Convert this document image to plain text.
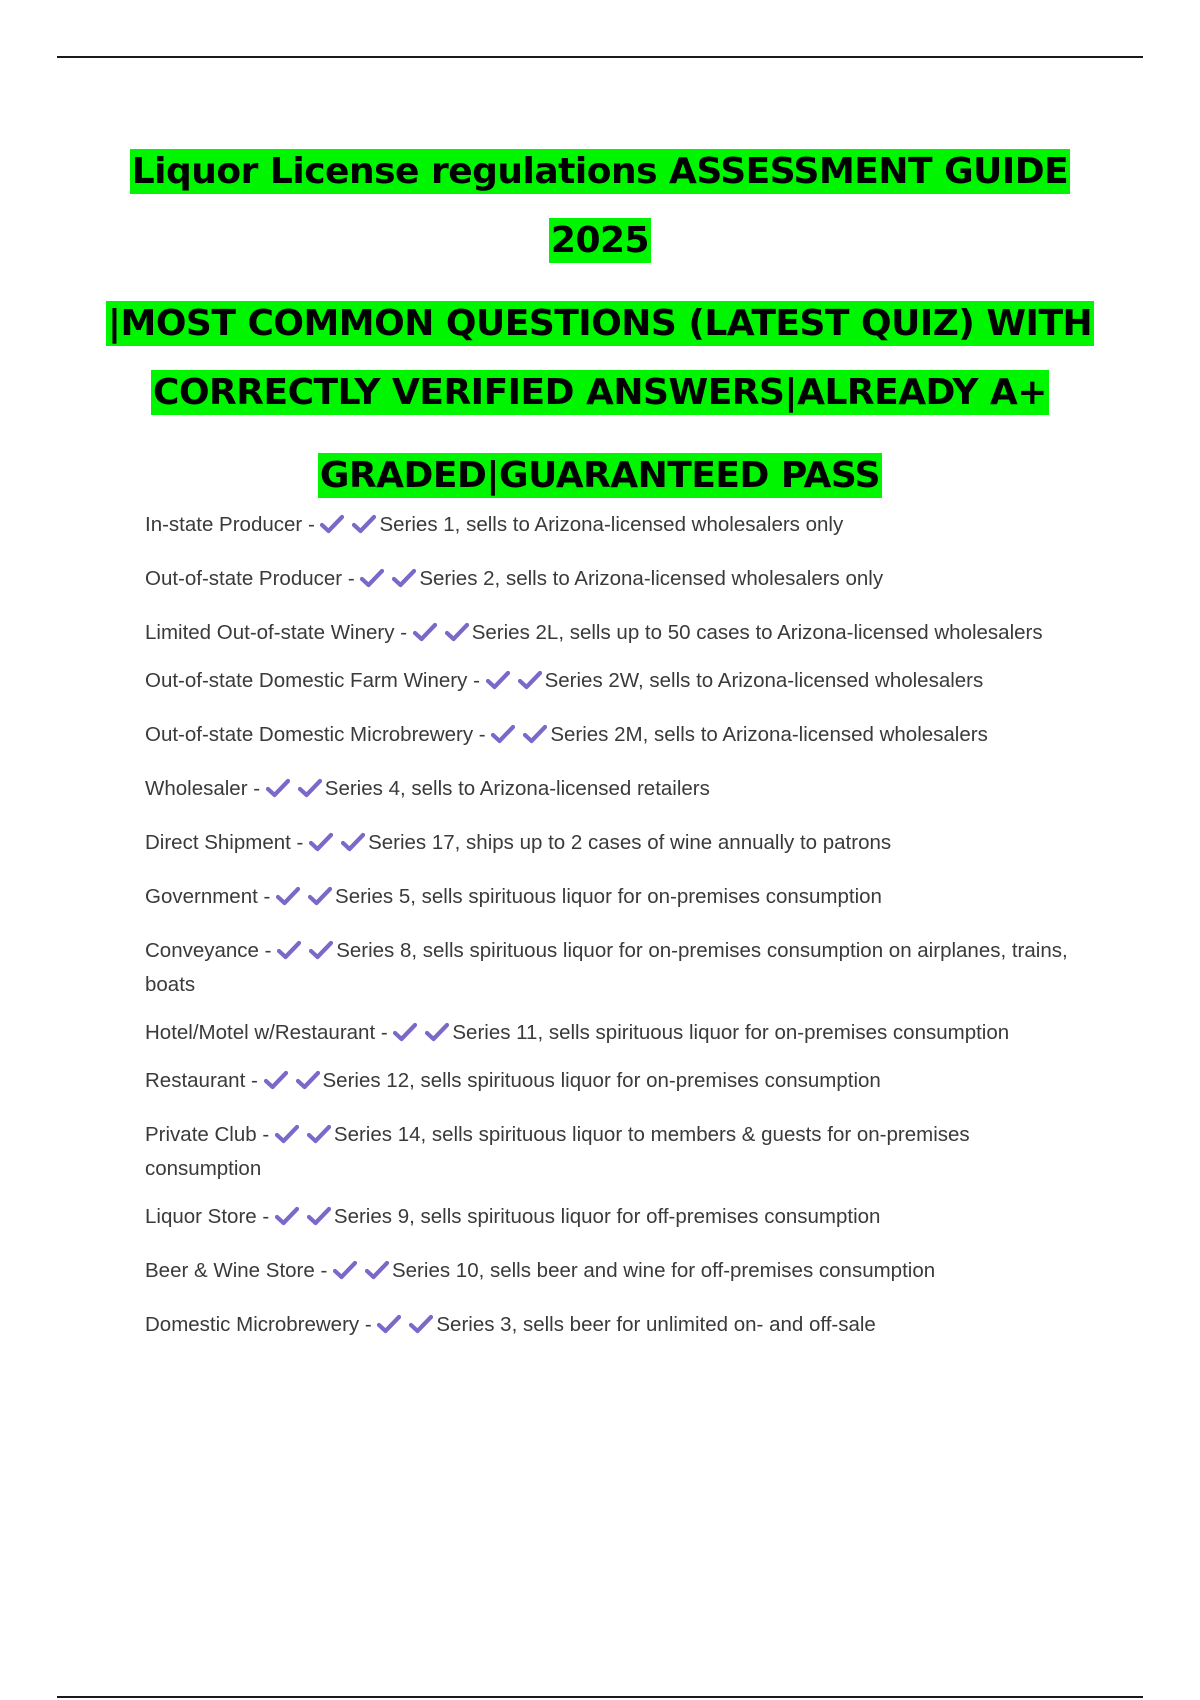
Liquor License regulations ASSESSMENT GUIDE

2025

|MOST COMMON QUESTIONS (LATEST QUIZ) WITH

CORRECTLY VERIFIED ANSWERS|ALREADY A+

GRADED|GUARANTEED PASS

In-state Producer -	Series 1, sells to Arizona-licensed wholesalers only

Out-of-state Producer -	Series 2, sells to Arizona-licensed wholesalers only

Limited Out-of-state Winery -	Series 2L, sells up to 50 cases to Arizona-licensed wholesalers

Out-of-state Domestic Farm Winery -	Series 2W, sells to Arizona-licensed wholesalers

Out-of-state Domestic Microbrewery -	Series 2M, sells to Arizona-licensed wholesalers

Wholesaler -	Series 4, sells to Arizona-licensed retailers

Direct Shipment -	Series 17, ships up to 2 cases of wine annually to patrons

Government -	Series 5, sells spirituous liquor for on-premises consumption

Conveyance -	Series 8, sells spirituous liquor for on-premises consumption on airplanes, trains, boats

Hotel/Motel w/Restaurant -	Series 11, sells spirituous liquor for on-premises consumption

Restaurant -	Series 12, sells spirituous liquor for on-premises consumption

Private Club -	Series 14, sells spirituous liquor to members & guests for on-premises consumption

Liquor Store -	Series 9, sells spirituous liquor for off-premises consumption

Beer & Wine Store -	Series 10, sells beer and wine for off-premises consumption

Domestic Microbrewery -	Series 3, sells beer for unlimited on- and off-sale
